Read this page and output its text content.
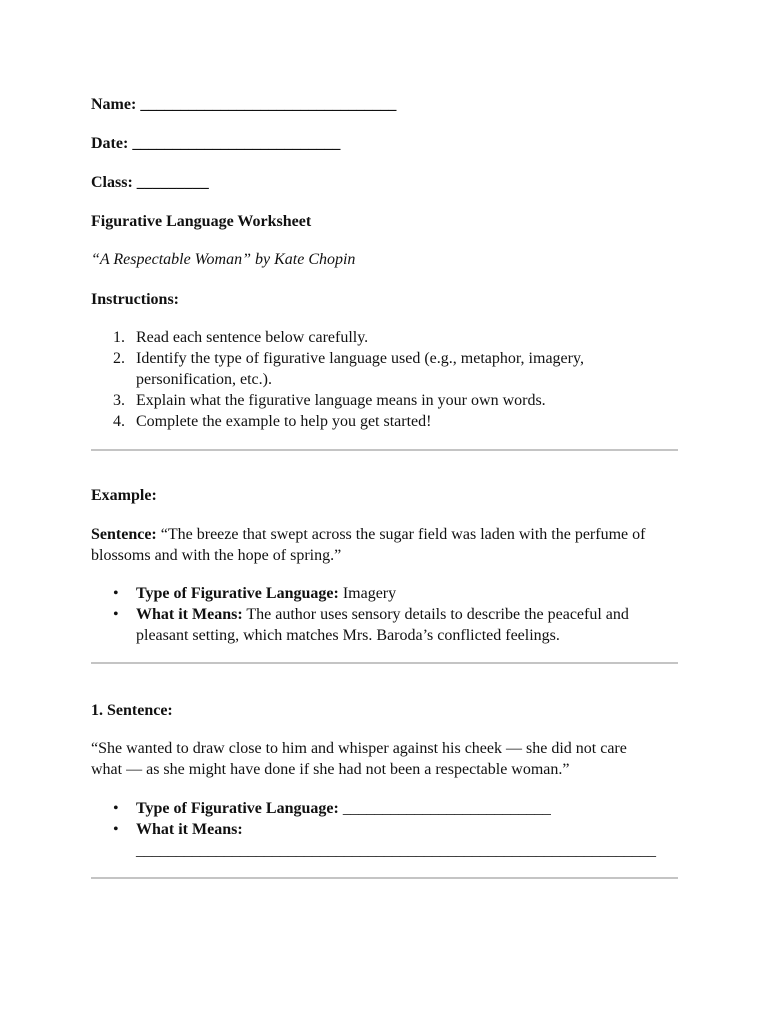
Name: ________________________________
Date: __________________________
Class: _________
Figurative Language Worksheet
“A Respectable Woman” by Kate Chopin
Instructions:
1. Read each sentence below carefully.
2. Identify the type of figurative language used (e.g., metaphor, imagery, personification, etc.).
3. Explain what the figurative language means in your own words.
4. Complete the example to help you get started!
Example:
Sentence: “The breeze that swept across the sugar field was laden with the perfume of blossoms and with the hope of spring.”
• Type of Figurative Language: Imagery
• What it Means: The author uses sensory details to describe the peaceful and pleasant setting, which matches Mrs. Baroda’s conflicted feelings.
1. Sentence:
“She wanted to draw close to him and whisper against his cheek — she did not care what — as she might have done if she had not been a respectable woman.”
• Type of Figurative Language: __________________________
• What it Means:
_________________________________________________________________
